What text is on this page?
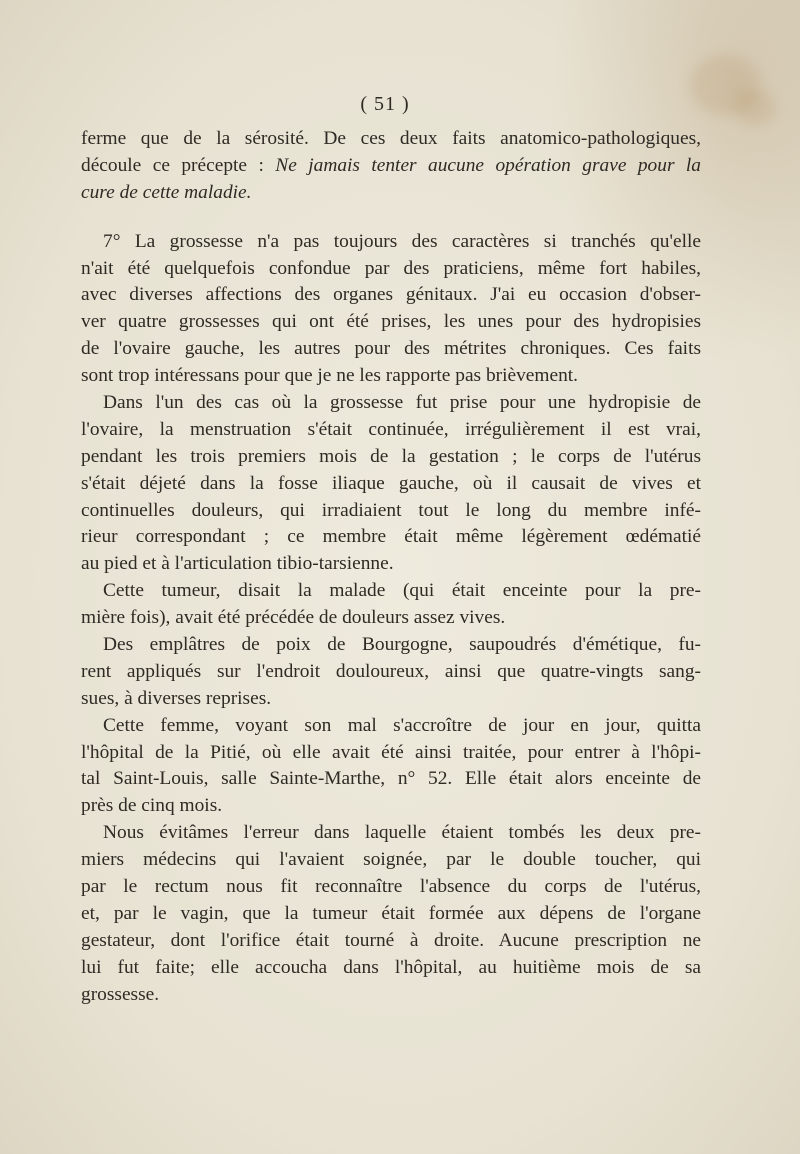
( 51 )
ferme que de la sérosité. De ces deux faits anatomico-pathologiques,
découle ce précepte : Ne jamais tenter aucune opération grave pour la
cure de cette maladie.
7° La grossesse n'a pas toujours des caractères si tranchés qu'elle
n'ait été quelquefois confondue par des praticiens, même fort habiles,
avec diverses affections des organes génitaux. J'ai eu occasion d'obser-
ver quatre grossesses qui ont été prises, les unes pour des hydropisies
de l'ovaire gauche, les autres pour des métrites chroniques. Ces faits
sont trop intéressans pour que je ne les rapporte pas brièvement.
Dans l'un des cas où la grossesse fut prise pour une hydropisie de
l'ovaire, la menstruation s'était continuée, irrégulièrement il est vrai,
pendant les trois premiers mois de la gestation ; le corps de l'utérus
s'était déjeté dans la fosse iliaque gauche, où il causait de vives et
continuelles douleurs, qui irradiaient tout le long du membre infé-
rieur correspondant ; ce membre était même légèrement œdématié
au pied et à l'articulation tibio-tarsienne.
Cette tumeur, disait la malade (qui était enceinte pour la pre-
mière fois), avait été précédée de douleurs assez vives.
Des emplâtres de poix de Bourgogne, saupoudrés d'émétique, fu-
rent appliqués sur l'endroit douloureux, ainsi que quatre-vingts sang-
sues, à diverses reprises.
Cette femme, voyant son mal s'accroître de jour en jour, quitta
l'hôpital de la Pitié, où elle avait été ainsi traitée, pour entrer à l'hôpi-
tal Saint-Louis, salle Sainte-Marthe, n° 52. Elle était alors enceinte de
près de cinq mois.
Nous évitâmes l'erreur dans laquelle étaient tombés les deux pre-
miers médecins qui l'avaient soignée, par le double toucher, qui
par le rectum nous fit reconnaître l'absence du corps de l'utérus,
et, par le vagin, que la tumeur était formée aux dépens de l'organe
gestateur, dont l'orifice était tourné à droite. Aucune prescription ne
lui fut faite; elle accoucha dans l'hôpital, au huitième mois de sa
grossesse.
